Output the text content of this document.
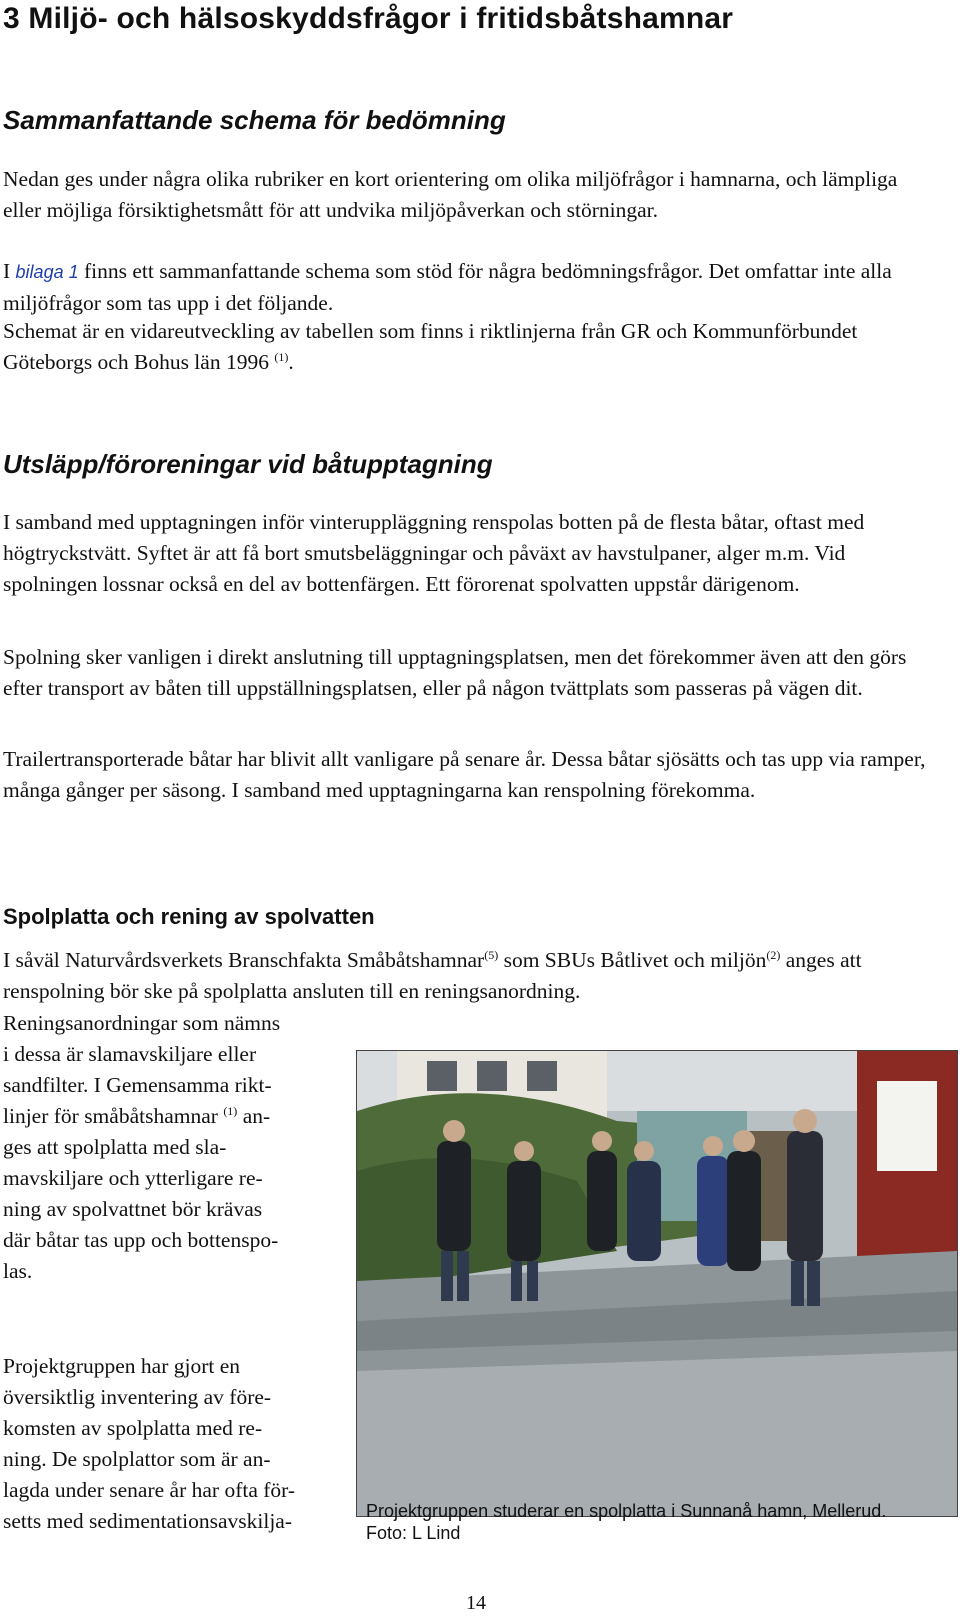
3 Miljö- och hälsoskyddsfrågor i fritidsbåtshamnar
Sammanfattande schema för bedömning

Nedan ges under några olika rubriker en kort orientering om olika miljöfrågor i hamnarna, och lämpliga eller möjliga försiktighetsmått för att undvika miljöpåverkan och störningar.

I bilaga 1 finns ett sammanfattande schema som stöd för några bedömningsfrågor. Det omfattar inte alla miljöfrågor som tas upp i det följande.

Schemat är en vidareutveckling av tabellen som finns i riktlinjerna från GR och Kommunförbundet Göteborgs och Bohus län 1996 $^{(1)}$.

Utsläpp/föroreningar vid båtupptagning

I samband med upptagningen inför vinteruppläggning renspolas botten på de flesta båtar, oftast med högtryckstvätt. Syftet är att få bort smutsbeläggningar och påväxt av havstulpaner, alger m.m. Vid spolningen lossnar också en del av bottenfärgen. Ett förorenat spolvatten uppstår därigenom.

Spolning sker vanligen i direkt anslutning till upptagningsplatsen, men det förekommer även att den görs efter transport av båten till uppställningsplatsen, eller på någon tvättplats som passeras på vägen dit.

Trailertransporterade båtar har blivit allt vanligare på senare år. Dessa båtar sjösätts och tas upp via ramper, många gånger per säsong. I samband med upptagningarna kan renspolning förekomma.

Spolplatta och rening av spolvatten

I såväl Naturvårdsverkets Branschfakta Småbåtshamnar$^{(5)}$ som SBUs Båtlivet och miljön$^{(2)}$ anges att renspolning bör ske på spolplatta ansluten till en reningsanordning.

Reningsanordningar som nämns
i dessa är slamavskiljare eller
sandfilter. I Gemensamma rikt-
linjer för småbåtshamnar $^{(1)}$ an-
ges att spolplatta med sla-
mavskiljare och ytterligare re-
ning av spolvattnet bör krävas
där båtar tas upp och bottenspo-
las.
Projektgruppen har gjort en
översiktlig inventering av före-
komsten av spolplatta med re-
ning. De spolplattor som är an-
lagda under senare år har ofta för-
setts med sedimentationsavskilja-	Projektgruppen studerar en spolplatta i Sunnanå hamn, Mellerud.
Foto: L Lind
14
